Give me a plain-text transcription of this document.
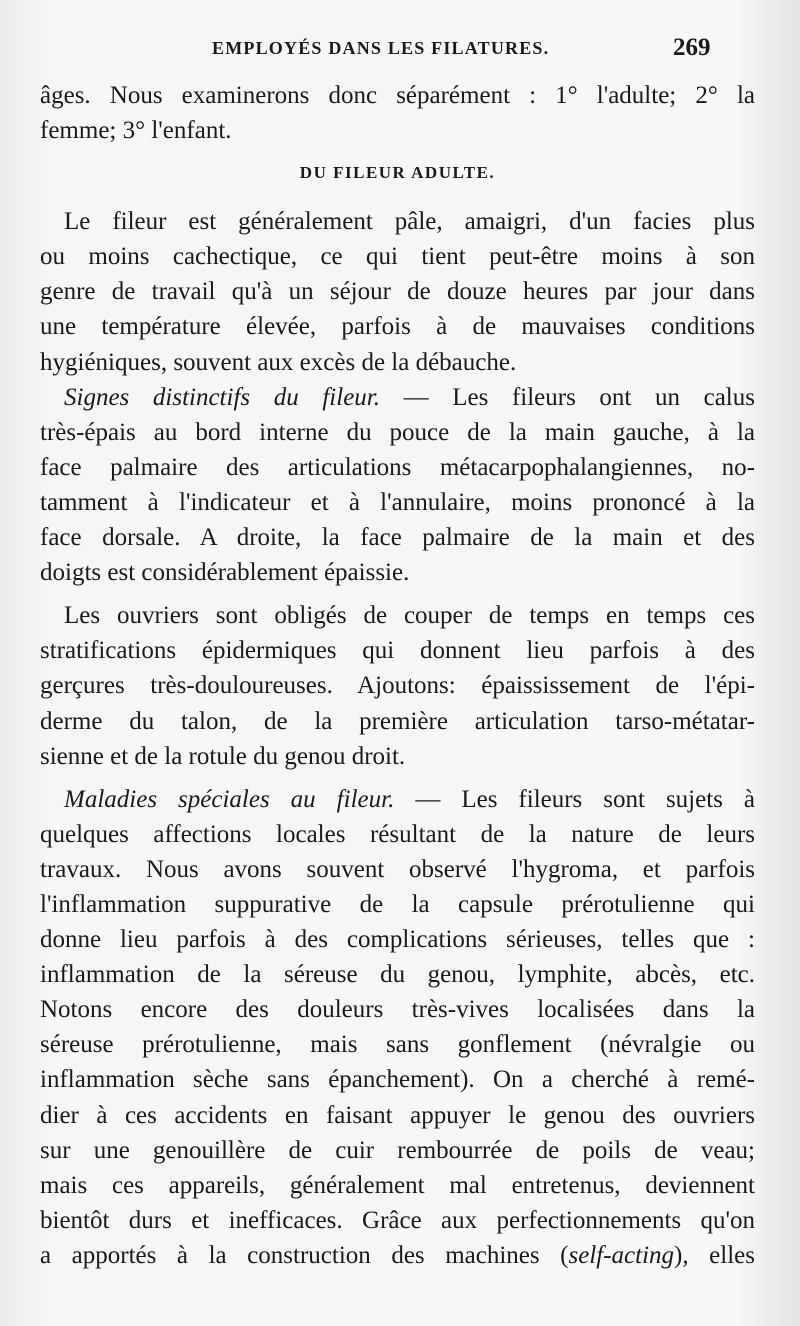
EMPLOYÉS DANS LES FILATURES.	269
âges. Nous examinerons donc séparément : 1° l'adulte; 2° la
femme; 3° l'enfant.
DU FILEUR ADULTE.
Le fileur est généralement pâle, amaigri, d'un facies plus
ou moins cachectique, ce qui tient peut-être moins à son
genre de travail qu'à un séjour de douze heures par jour dans
une température élevée, parfois à de mauvaises conditions
hygiéniques, souvent aux excès de la débauche.
Signes distinctifs du fileur. — Les fileurs ont un calus
très-épais au bord interne du pouce de la main gauche, à la
face palmaire des articulations métacarpophalangiennes, no-
tamment à l'indicateur et à l'annulaire, moins prononcé à la
face dorsale. A droite, la face palmaire de la main et des
doigts est considérablement épaissie.
Les ouvriers sont obligés de couper de temps en temps ces
stratifications épidermiques qui donnent lieu parfois à des
gerçures très-douloureuses. Ajoutons: épaississement de l'épi-
derme du talon, de la première articulation tarso-métatar-
sienne et de la rotule du genou droit.
Maladies spéciales au fileur. — Les fileurs sont sujets à
quelques affections locales résultant de la nature de leurs
travaux. Nous avons souvent observé l'hygroma, et parfois
l'inflammation suppurative de la capsule prérotulienne qui
donne lieu parfois à des complications sérieuses, telles que :
inflammation de la séreuse du genou, lymphite, abcès, etc.
Notons encore des douleurs très-vives localisées dans la
séreuse prérotulienne, mais sans gonflement (névralgie ou
inflammation sèche sans épanchement). On a cherché à remé-
dier à ces accidents en faisant appuyer le genou des ouvriers
sur une genouillère de cuir rembourrée de poils de veau;
mais ces appareils, généralement mal entretenus, deviennent
bientôt durs et inefficaces. Grâce aux perfectionnements qu'on
a apportés à la construction des machines (self-acting), elles
